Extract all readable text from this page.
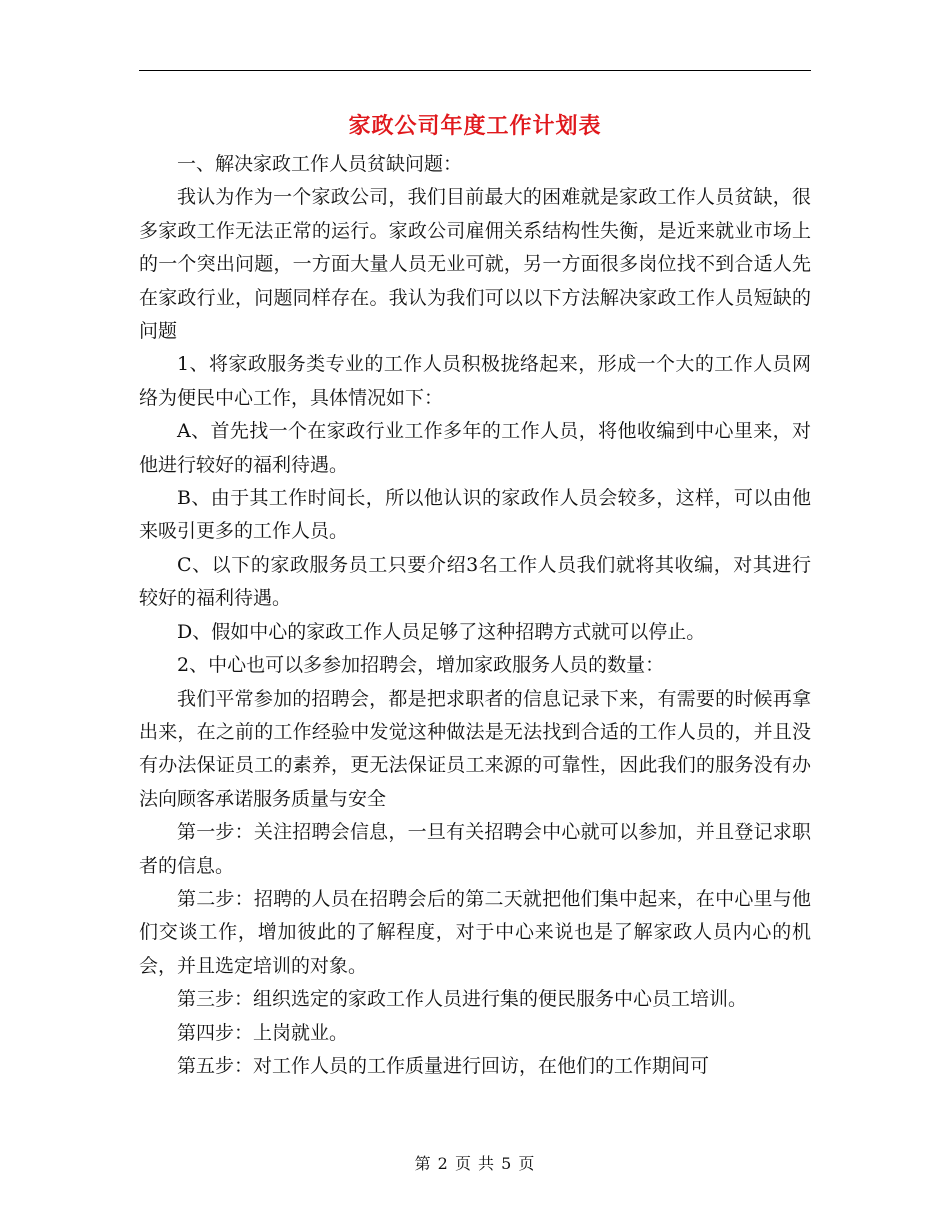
家政公司年度工作计划表

一、解决家政工作人员贫缺问题：

我认为作为一个家政公司，我们目前最大的困难就是家政工作人员贫缺，很多家政工作无法正常的运行。家政公司雇佣关系结构性失衡，是近来就业市场上的一个突出问题，一方面大量人员无业可就，另一方面很多岗位找不到合适人先在家政行业，问题同样存在。我认为我们可以以下方法解决家政工作人员短缺的问题

1、将家政服务类专业的工作人员积极拢络起来，形成一个大的工作人员网络为便民中心工作，具体情况如下：

A、首先找一个在家政行业工作多年的工作人员，将他收编到中心里来，对他进行较好的福利待遇。

B、由于其工作时间长，所以他认识的家政作人员会较多，这样，可以由他来吸引更多的工作人员。

C、以下的家政服务员工只要介绍3名工作人员我们就将其收编，对其进行较好的福利待遇。

D、假如中心的家政工作人员足够了这种招聘方式就可以停止。

2、中心也可以多参加招聘会，增加家政服务人员的数量：

我们平常参加的招聘会，都是把求职者的信息记录下来，有需要的时候再拿出来，在之前的工作经验中发觉这种做法是无法找到合适的工作人员的，并且没有办法保证员工的素养，更无法保证员工来源的可靠性，因此我们的服务没有办法向顾客承诺服务质量与安全

第一步：关注招聘会信息，一旦有关招聘会中心就可以参加，并且登记求职者的信息。

第二步：招聘的人员在招聘会后的第二天就把他们集中起来，在中心里与他们交谈工作，增加彼此的了解程度，对于中心来说也是了解家政人员内心的机会，并且选定培训的对象。

第三步：组织选定的家政工作人员进行集的便民服务中心员工培训。

第四步：上岗就业。

第五步：对工作人员的工作质量进行回访，在他们的工作期间可

第 2 页 共 5 页
